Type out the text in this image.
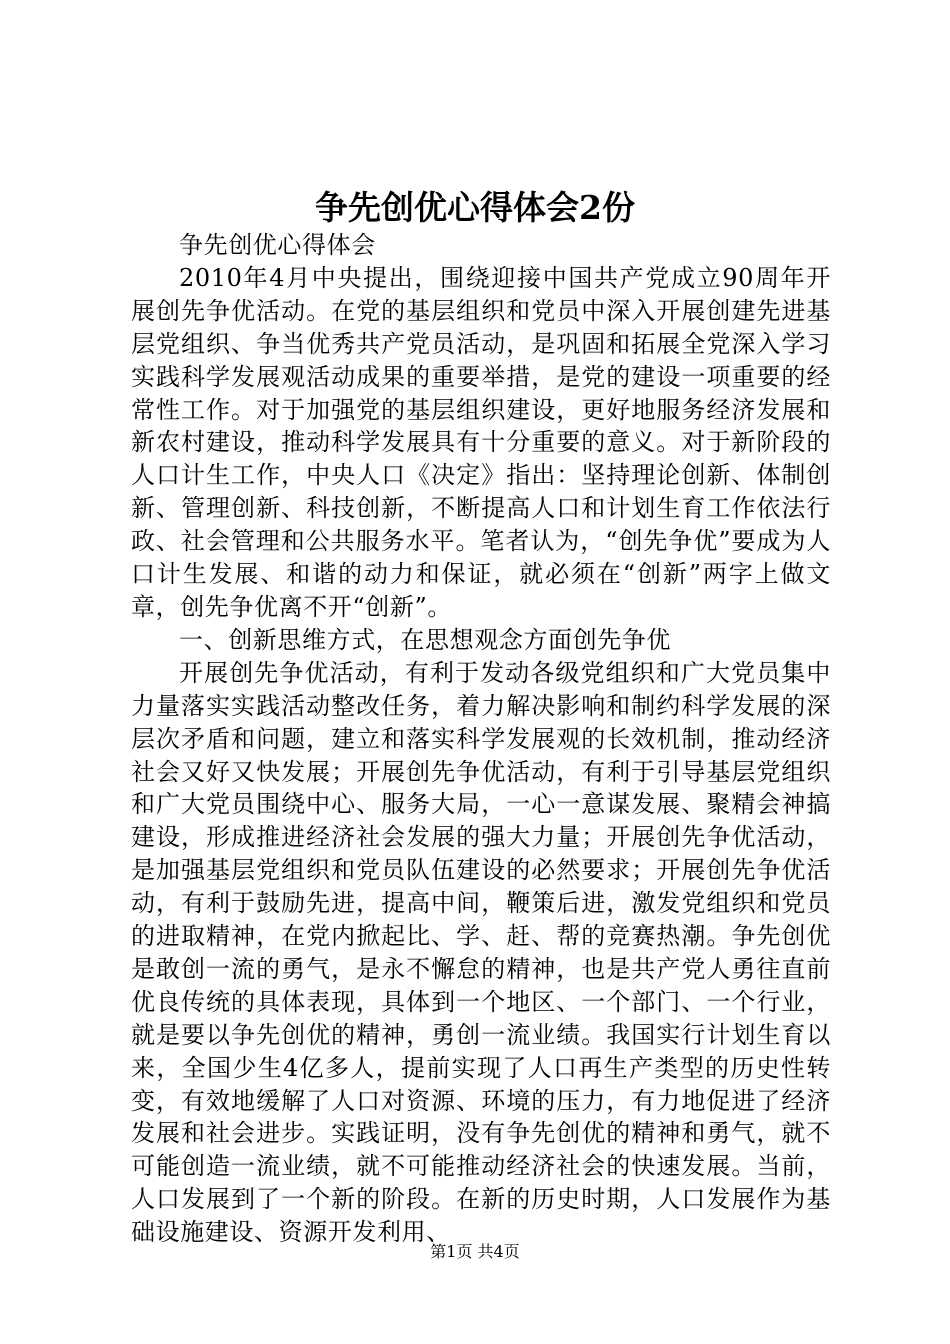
争先创优心得体会2份

争先创优心得体会

2010年4月中央提出，围绕迎接中国共产党成立90周年开展创先争优活动。在党的基层组织和党员中深入开展创建先进基层党组织、争当优秀共产党员活动，是巩固和拓展全党深入学习实践科学发展观活动成果的重要举措，是党的建设一项重要的经常性工作。对于加强党的基层组织建设，更好地服务经济发展和新农村建设，推动科学发展具有十分重要的意义。对于新阶段的人口计生工作，中央人口《决定》指出：坚持理论创新、体制创新、管理创新、科技创新，不断提高人口和计划生育工作依法行政、社会管理和公共服务水平。笔者认为，“创先争优”要成为人口计生发展、和谐的动力和保证，就必须在“创新”两字上做文章，创先争优离不开“创新”。

一、创新思维方式，在思想观念方面创先争优

开展创先争优活动，有利于发动各级党组织和广大党员集中力量落实实践活动整改任务，着力解决影响和制约科学发展的深层次矛盾和问题，建立和落实科学发展观的长效机制，推动经济社会又好又快发展；开展创先争优活动，有利于引导基层党组织和广大党员围绕中心、服务大局，一心一意谋发展、聚精会神搞建设，形成推进经济社会发展的强大力量；开展创先争优活动，是加强基层党组织和党员队伍建设的必然要求；开展创先争优活动，有利于鼓励先进，提高中间，鞭策后进，激发党组织和党员的进取精神，在党内掀起比、学、赶、帮的竞赛热潮。争先创优是敢创一流的勇气，是永不懈怠的精神，也是共产党人勇往直前优良传统的具体表现，具体到一个地区、一个部门、一个行业，就是要以争先创优的精神，勇创一流业绩。我国实行计划生育以来，全国少生4亿多人，提前实现了人口再生产类型的历史性转变，有效地缓解了人口对资源、环境的压力，有力地促进了经济发展和社会进步。实践证明，没有争先创优的精神和勇气，就不可能创造一流业绩，就不可能推动经济社会的快速发展。当前，人口发展到了一个新的阶段。在新的历史时期，人口发展作为基础设施建设、资源开发利用、

第1页 共4页
